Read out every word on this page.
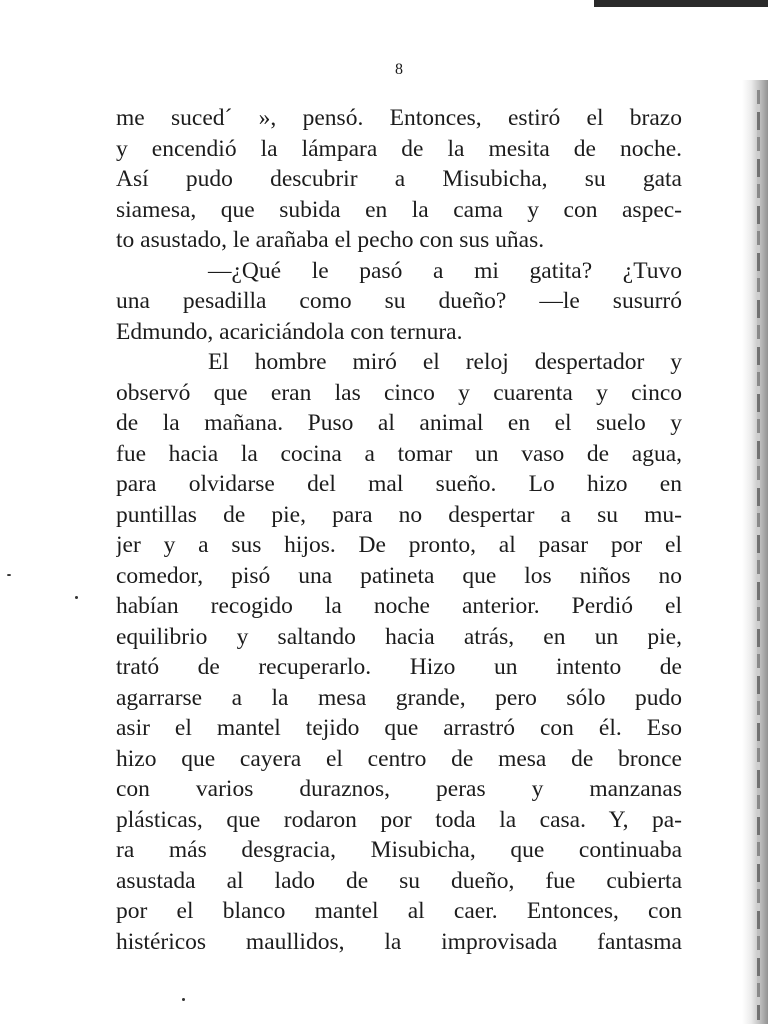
8
me suced´ », pensó. Entonces, estiró el brazo
y encendió la lámpara de la mesita de noche.
Así pudo descubrir a Misubicha, su gata
siamesa, que subida en la cama y con aspec-
to asustado, le arañaba el pecho con sus uñas.
—¿Qué le pasó a mi gatita? ¿Tuvo
una pesadilla como su dueño? —le susurró
Edmundo, acariciándola con ternura.
El hombre miró el reloj despertador y
observó que eran las cinco y cuarenta y cinco
de la mañana. Puso al animal en el suelo y
fue hacia la cocina a tomar un vaso de agua,
para olvidarse del mal sueño. Lo hizo en
puntillas de pie, para no despertar a su mu-
jer y a sus hijos. De pronto, al pasar por el
comedor, pisó una patineta que los niños no
habían recogido la noche anterior. Perdió el
equilibrio y saltando hacia atrás, en un pie,
trató de recuperarlo. Hizo un intento de
agarrarse a la mesa grande, pero sólo pudo
asir el mantel tejido que arrastró con él. Eso
hizo que cayera el centro de mesa de bronce
con varios duraznos, peras y manzanas
plásticas, que rodaron por toda la casa. Y, pa-
ra más desgracia, Misubicha, que continuaba
asustada al lado de su dueño, fue cubierta
por el blanco mantel al caer. Entonces, con
histéricos maullidos, la improvisada fantasma
